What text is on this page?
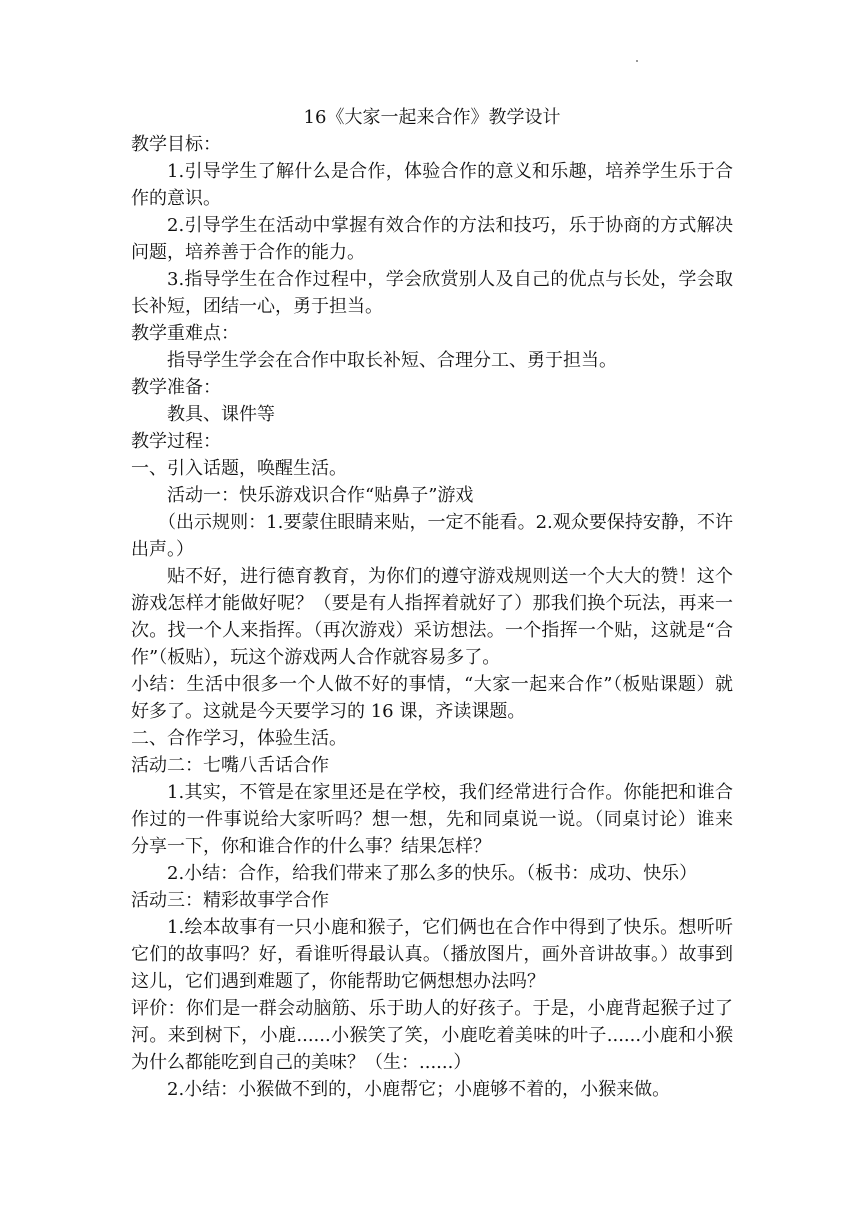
16《大家一起来合作》教学设计

教学目标：

1.引导学生了解什么是合作，体验合作的意义和乐趣，培养学生乐于合作的意识。

2.引导学生在活动中掌握有效合作的方法和技巧，乐于协商的方式解决问题，培养善于合作的能力。

3.指导学生在合作过程中，学会欣赏别人及自己的优点与长处，学会取长补短，团结一心，勇于担当。

教学重难点：

指导学生学会在合作中取长补短、合理分工、勇于担当。

教学准备：

教具、课件等

教学过程：

一、引入话题，唤醒生活。

活动一：快乐游戏识合作“贴鼻子”游戏

（出示规则：1.要蒙住眼睛来贴，一定不能看。2.观众要保持安静，不许出声。）

贴不好，进行德育教育，为你们的遵守游戏规则送一个大大的赞！这个游戏怎样才能做好呢？（要是有人指挥着就好了）那我们换个玩法，再来一次。找一个人来指挥。（再次游戏）采访想法。一个指挥一个贴，这就是“合作”（板贴），玩这个游戏两人合作就容易多了。

小结：生活中很多一个人做不好的事情，“大家一起来合作”（板贴课题）就好多了。这就是今天要学习的 16 课，齐读课题。

二、合作学习，体验生活。

活动二：七嘴八舌话合作

1.其实，不管是在家里还是在学校，我们经常进行合作。你能把和谁合作过的一件事说给大家听吗？想一想，先和同桌说一说。（同桌讨论）谁来分享一下，你和谁合作的什么事？结果怎样？

2.小结：合作，给我们带来了那么多的快乐。（板书：成功、快乐）

活动三：精彩故事学合作

1.绘本故事有一只小鹿和猴子，它们俩也在合作中得到了快乐。想听听它们的故事吗？好，看谁听得最认真。（播放图片，画外音讲故事。）故事到这儿，它们遇到难题了，你能帮助它俩想想办法吗？

评价：你们是一群会动脑筋、乐于助人的好孩子。于是，小鹿背起猴子过了河。来到树下，小鹿......小猴笑了笑，小鹿吃着美味的叶子......小鹿和小猴为什么都能吃到自己的美味？（生：......）

2.小结：小猴做不到的，小鹿帮它；小鹿够不着的，小猴来做。
